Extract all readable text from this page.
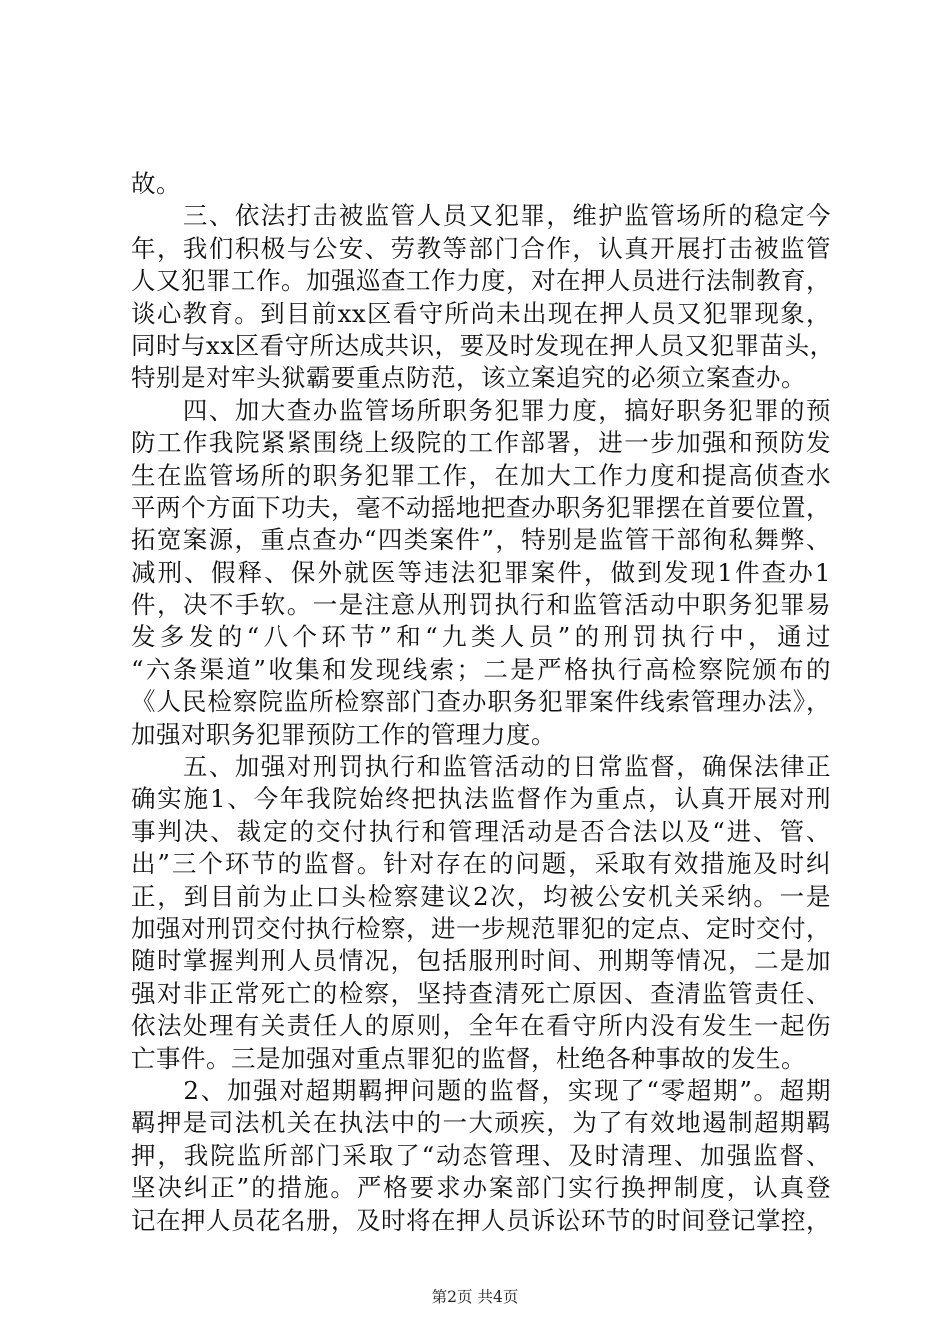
故。
　　三、依法打击被监管人员又犯罪，维护监管场所的稳定今
年，我们积极与公安、劳教等部门合作，认真开展打击被监管
人又犯罪工作。加强巡查工作力度，对在押人员进行法制教育，
谈心教育。到目前xx区看守所尚未出现在押人员又犯罪现象，
同时与xx区看守所达成共识，要及时发现在押人员又犯罪苗头，
特别是对牢头狱霸要重点防范，该立案追究的必须立案查办。
　　四、加大查办监管场所职务犯罪力度，搞好职务犯罪的预
防工作我院紧紧围绕上级院的工作部署，进一步加强和预防发
生在监管场所的职务犯罪工作，在加大工作力度和提高侦查水
平两个方面下功夫，毫不动摇地把查办职务犯罪摆在首要位置，
拓宽案源，重点查办“四类案件”，特别是监管干部徇私舞弊、
减刑、假释、保外就医等违法犯罪案件，做到发现1件查办1
件，决不手软。一是注意从刑罚执行和监管活动中职务犯罪易
发多发的“八个环节”和“九类人员”的刑罚执行中，通过
“六条渠道”收集和发现线索；二是严格执行高检察院颁布的
《人民检察院监所检察部门查办职务犯罪案件线索管理办法》，
加强对职务犯罪预防工作的管理力度。
　　五、加强对刑罚执行和监管活动的日常监督，确保法律正
确实施1、今年我院始终把执法监督作为重点，认真开展对刑
事判决、裁定的交付执行和管理活动是否合法以及“进、管、
出”三个环节的监督。针对存在的问题，采取有效措施及时纠
正，到目前为止口头检察建议2次，均被公安机关采纳。一是
加强对刑罚交付执行检察，进一步规范罪犯的定点、定时交付，
随时掌握判刑人员情况，包括服刑时间、刑期等情况，二是加
强对非正常死亡的检察，坚持查清死亡原因、查清监管责任、
依法处理有关责任人的原则，全年在看守所内没有发生一起伤
亡事件。三是加强对重点罪犯的监督，杜绝各种事故的发生。
　　2、加强对超期羁押问题的监督，实现了“零超期”。超期
羁押是司法机关在执法中的一大顽疾，为了有效地遏制超期羁
押，我院监所部门采取了“动态管理、及时清理、加强监督、
坚决纠正”的措施。严格要求办案部门实行换押制度，认真登
记在押人员花名册，及时将在押人员诉讼环节的时间登记掌控，
第2页 共4页
